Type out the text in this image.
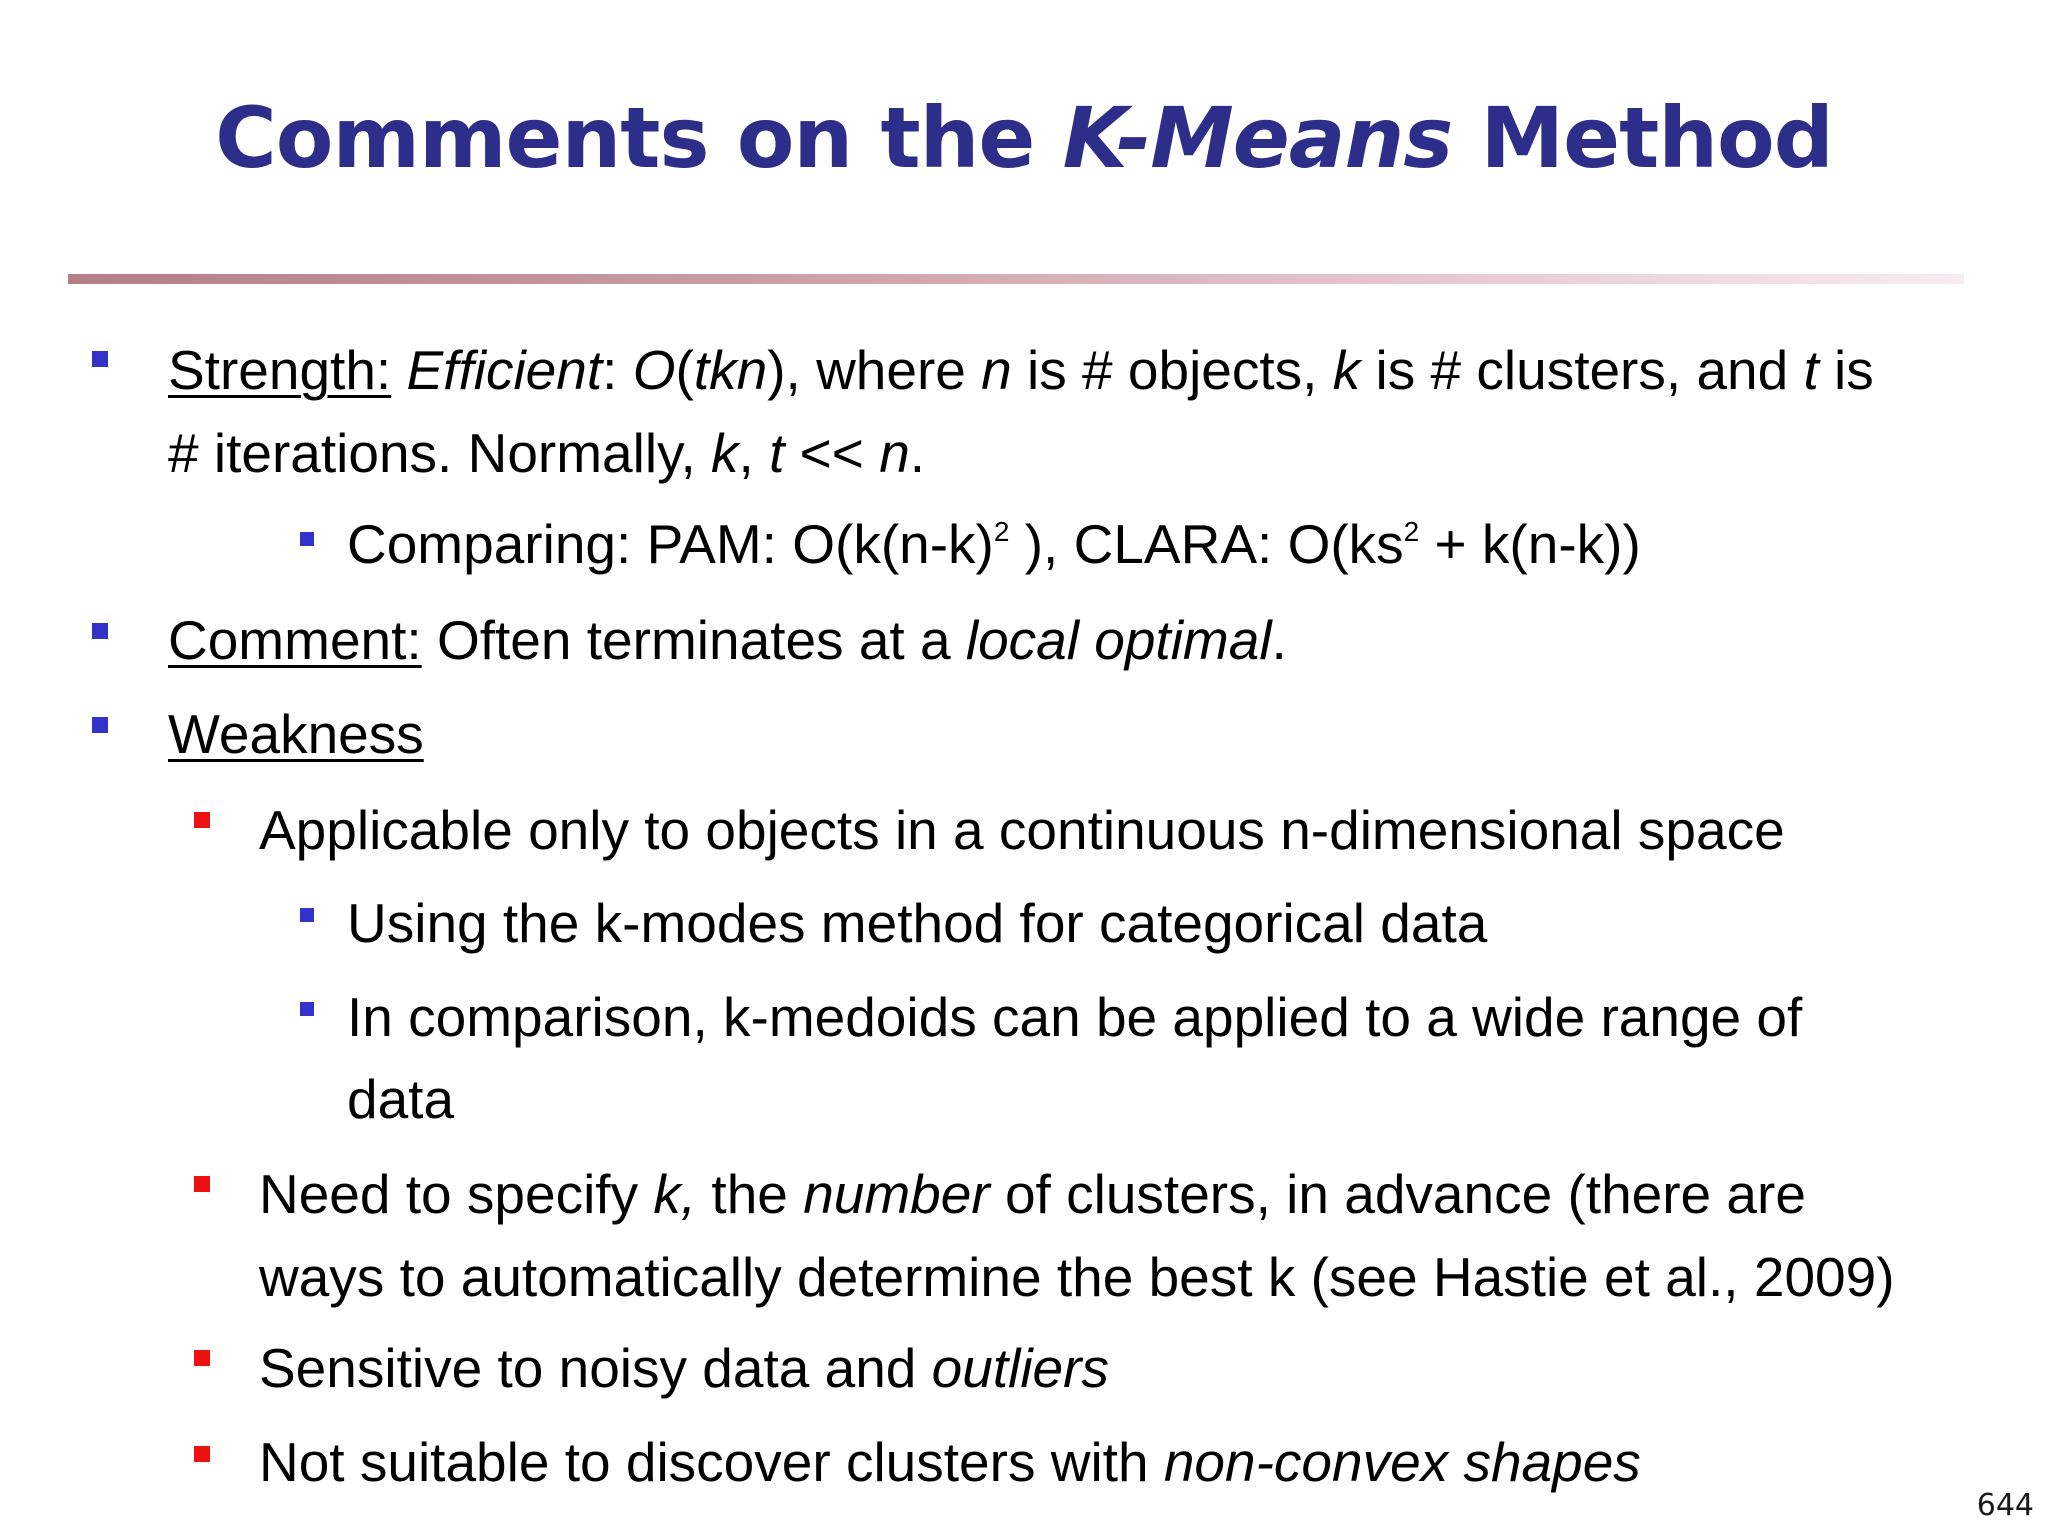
Comments on the K-Means Method
Strength: Efficient: O(tkn), where n is # objects, k is # clusters, and t is
# iterations. Normally, k, t << n.
Comparing: PAM: $O(k(n-k)^2$ ), CLARA: $O(ks^2 + k(n-k))$
Comment: Often terminates at a local optimal.
Weakness
Applicable only to objects in a continuous n-dimensional space
Using the k-modes method for categorical data
In comparison, k-medoids can be applied to a wide range of
data
Need to specify k, the number of clusters, in advance (there are
ways to automatically determine the best k (see Hastie et al., 2009)
Sensitive to noisy data and outliers
Not suitable to discover clusters with non-convex shapes
644
